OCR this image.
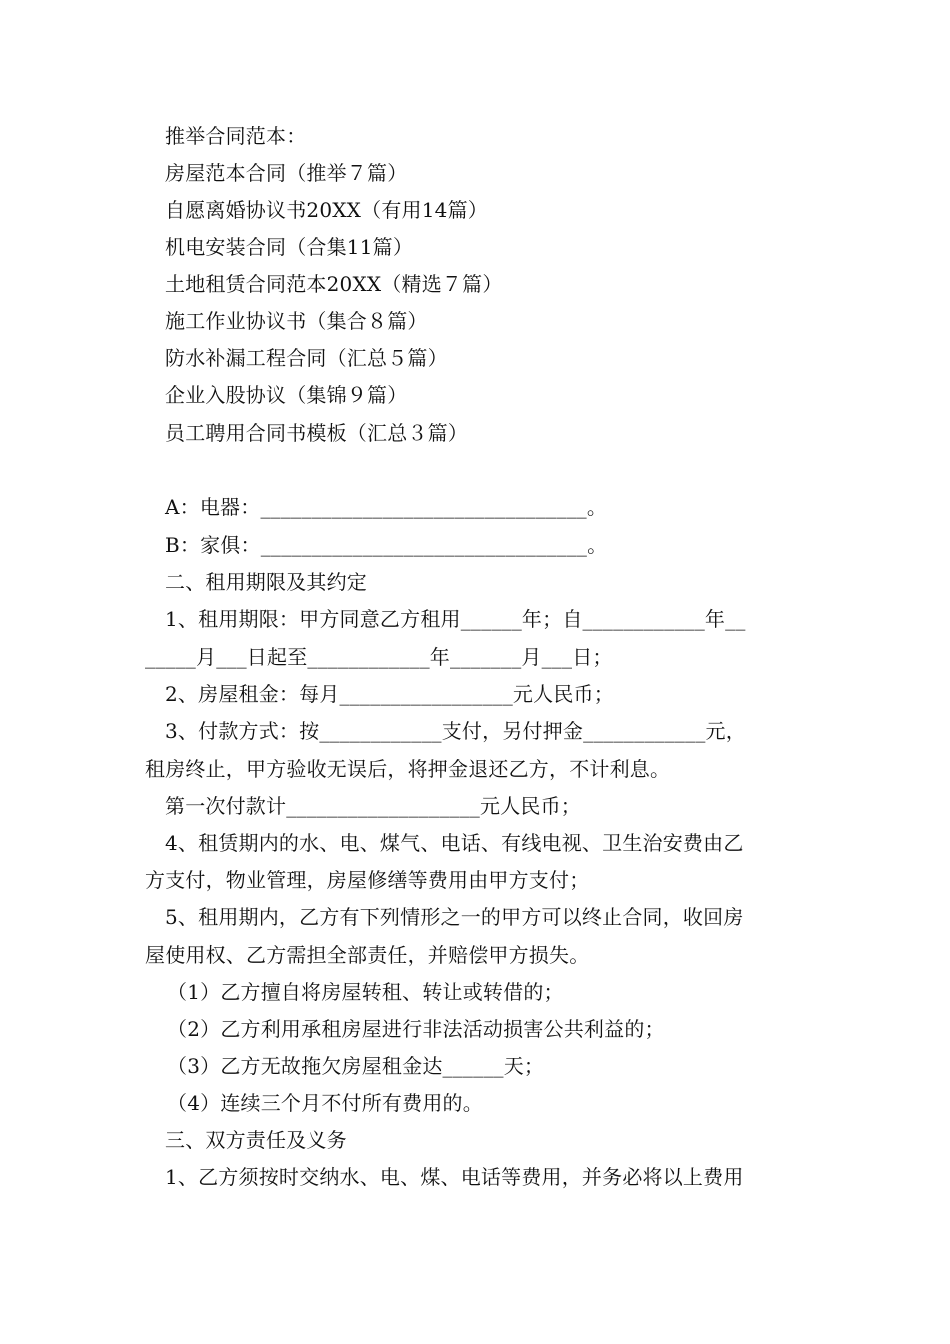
推举合同范本：
房屋范本合同（推举７篇）
自愿离婚协议书20XX（有用14篇）
机电安装合同（合集11篇）
土地租赁合同范本20XX（精选７篇）
施工作业协议书（集合８篇）
防水补漏工程合同（汇总５篇）
企业入股协议（集锦９篇）
员工聘用合同书模板（汇总３篇）
A：电器：________________________________。
B：家俱：________________________________。
二、租用期限及其约定
1、租用期限：甲方同意乙方租用______年；自____________年__
_____月___日起至____________年_______月___日；
2、房屋租金：每月_________________元人民币；
3、付款方式：按____________支付，另付押金____________元，
租房终止，甲方验收无误后，将押金退还乙方，不计利息。
第一次付款计___________________元人民币；
4、租赁期内的水、电、煤气、电话、有线电视、卫生治安费由乙
方支付，物业管理，房屋修缮等费用由甲方支付；
5、租用期内，乙方有下列情形之一的甲方可以终止合同，收回房
屋使用权、乙方需担全部责任，并赔偿甲方损失。
（1）乙方擅自将房屋转租、转让或转借的；
（2）乙方利用承租房屋进行非法活动损害公共利益的；
（3）乙方无故拖欠房屋租金达______天；
（4）连续三个月不付所有费用的。
三、双方责任及义务
1、乙方须按时交纳水、电、煤、电话等费用，并务必将以上费用
